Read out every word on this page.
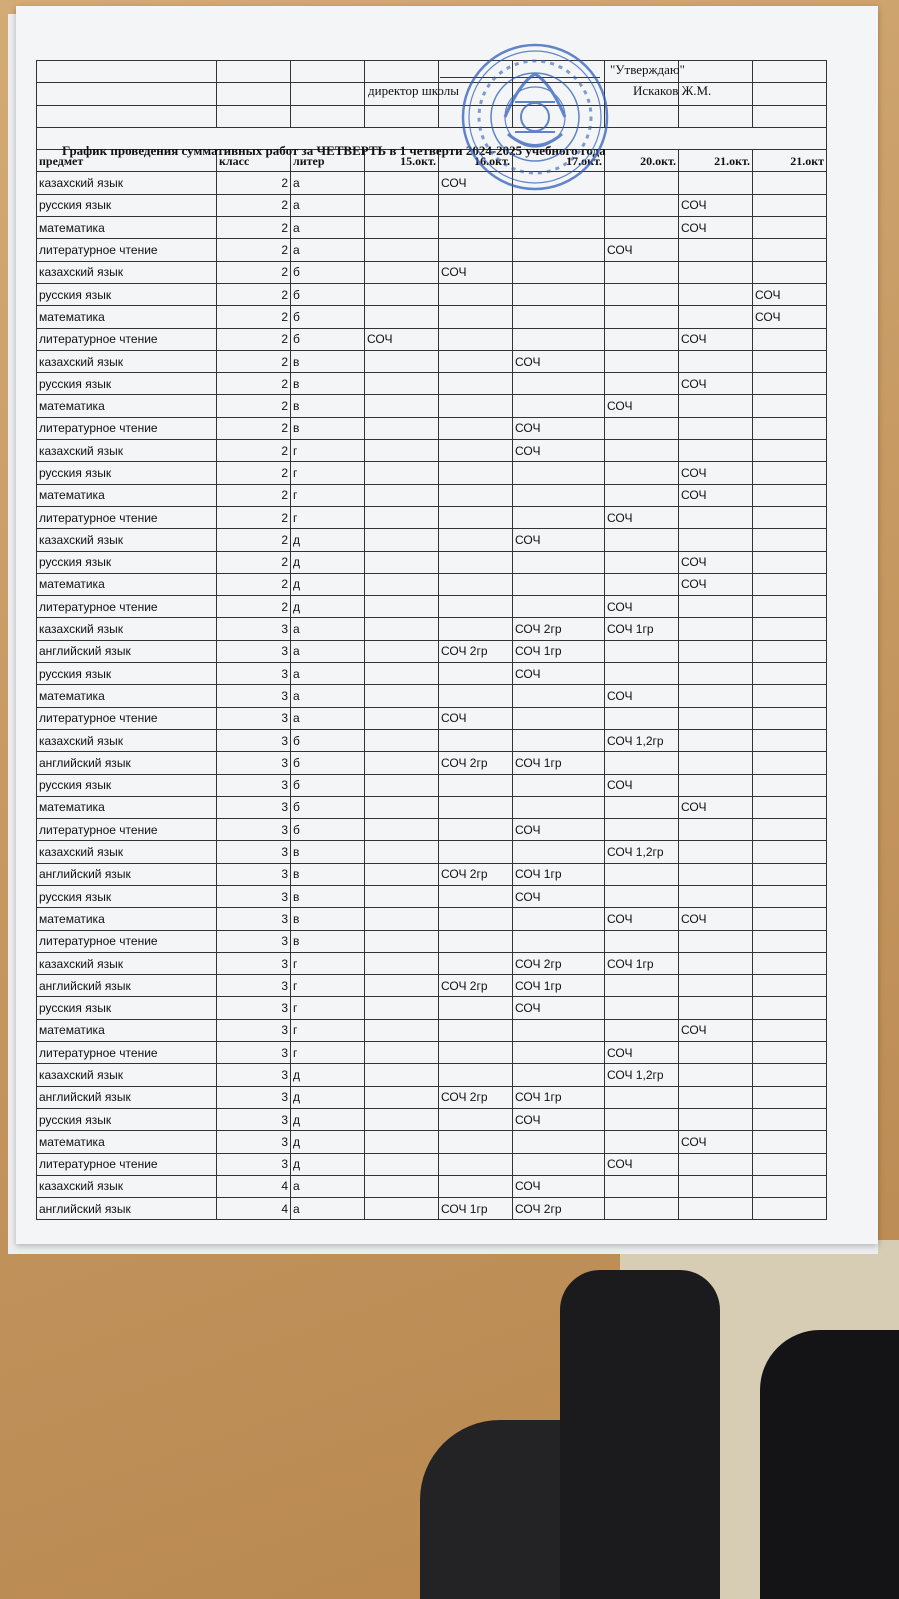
предмет	класс	литер	15.окт.	16.окт.	17.окт.	20.окт.	21.окт.	21.окт
казахский язык	2	а		СОЧ				
русския язык	2	а					СОЧ	
математика	2	а					СОЧ	
литературное чтение	2	а				СОЧ		
казахский язык	2	б		СОЧ				
русския язык	2	б						СОЧ
математика	2	б						СОЧ
литературное чтение	2	б	СОЧ				СОЧ	
казахский язык	2	в			СОЧ			
русския язык	2	в					СОЧ	
математика	2	в				СОЧ		
литературное чтение	2	в			СОЧ			
казахский язык	2	г			СОЧ			
русския язык	2	г					СОЧ	
математика	2	г					СОЧ	
литературное чтение	2	г				СОЧ		
казахский язык	2	д			СОЧ			
русския язык	2	д					СОЧ	
математика	2	д					СОЧ	
литературное чтение	2	д				СОЧ		
казахский язык	3	а			СОЧ 2гр	СОЧ 1гр		
английский язык	3	а		СОЧ 2гр	СОЧ 1гр			
русския язык	3	а			СОЧ			
математика	3	а				СОЧ		
литературное чтение	3	а		СОЧ				
казахский язык	3	б				СОЧ 1,2гр		
английский язык	3	б		СОЧ 2гр	СОЧ 1гр			
русския язык	3	б				СОЧ		
математика	3	б					СОЧ	
литературное чтение	3	б			СОЧ			
казахский язык	3	в				СОЧ 1,2гр		
английский язык	3	в		СОЧ 2гр	СОЧ 1гр			
русския язык	3	в			СОЧ			
математика	3	в				СОЧ	СОЧ	
литературное чтение	3	в						
казахский язык	3	г			СОЧ 2гр	СОЧ 1гр		
английский язык	3	г		СОЧ 2гр	СОЧ 1гр			
русския язык	3	г			СОЧ			
математика	3	г					СОЧ	
литературное чтение	3	г				СОЧ		
казахский язык	3	д				СОЧ 1,2гр		
английский язык	3	д		СОЧ 2гр	СОЧ 1гр			
русския язык	3	д			СОЧ			
математика	3	д					СОЧ	
литературное чтение	3	д				СОЧ		
казахский язык	4	а			СОЧ			
английский язык	4	а		СОЧ 1гр	СОЧ 2гр			
"Утверждаю"
директор школы	Искаков Ж.М.
График проведения суммативных работ за ЧЕТВЕРТЬ в 1 четверти 2024-2025 учебного года
